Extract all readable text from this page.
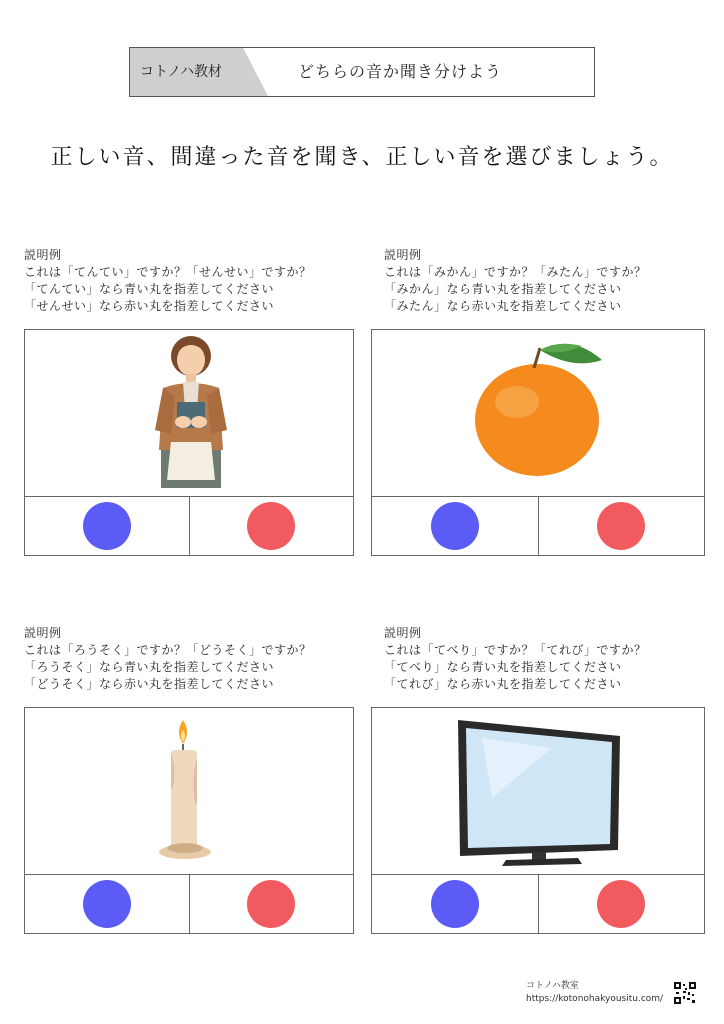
コトノハ教材	どちらの音か聞き分けよう
正しい音、間違った音を聞き、正しい音を選びましょう。
説明例
これは「てんてい」ですか？「せんせい」ですか？
「てんてい」なら青い丸を指差してください
「せんせい」なら赤い丸を指差してください
説明例
これは「みかん」ですか？「みたん」ですか？
「みかん」なら青い丸を指差してください
「みたん」なら赤い丸を指差してください
説明例
これは「ろうそく」ですか？「どうそく」ですか？
「ろうそく」なら青い丸を指差してください
「どうそく」なら赤い丸を指差してください
説明例
これは「てべり」ですか？「てれび」ですか？
「てべり」なら青い丸を指差してください
「てれび」なら赤い丸を指差してください
コトノハ教室
https://kotonohakyousitu.com/
